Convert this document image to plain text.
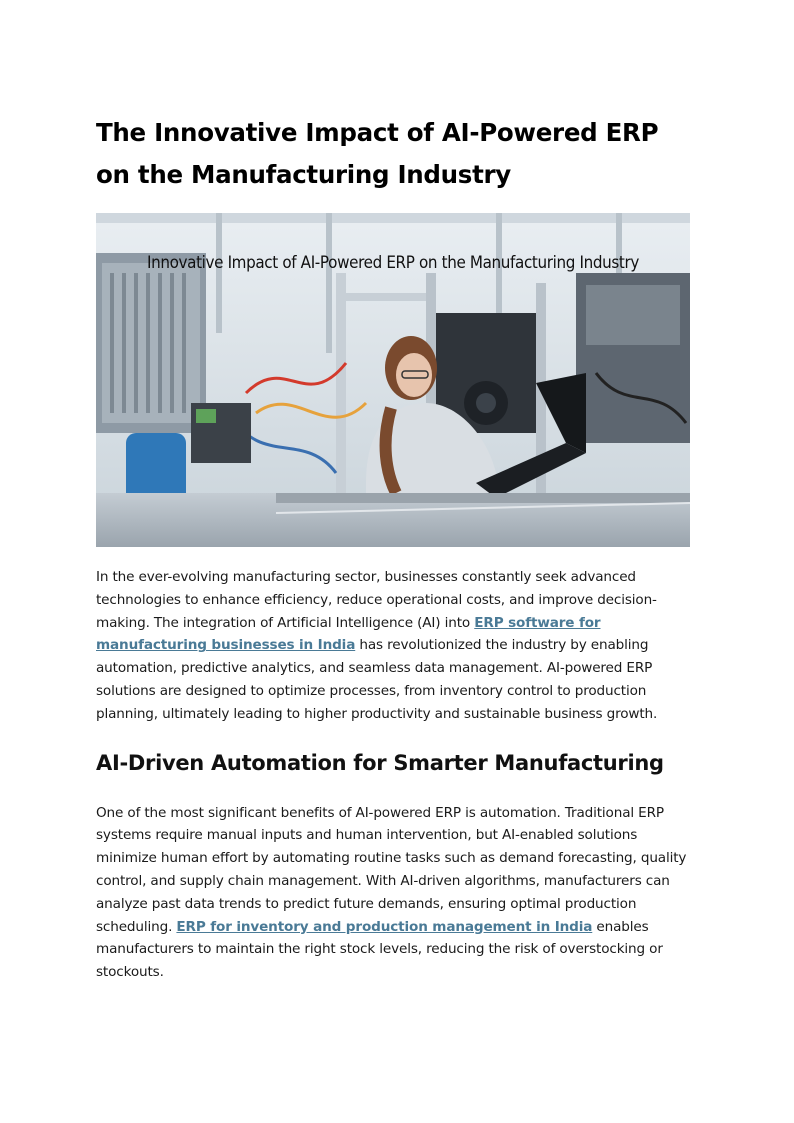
The Innovative Impact of AI-Powered ERP on the Manufacturing Industry
Innovative Impact of AI-Powered ERP on the Manufacturing Industry

In the ever-evolving manufacturing sector, businesses constantly seek advanced technologies to enhance efficiency, reduce operational costs, and improve decision-making. The integration of Artificial Intelligence (AI) into ERP software for manufacturing businesses in India has revolutionized the industry by enabling automation, predictive analytics, and seamless data management. AI-powered ERP solutions are designed to optimize processes, from inventory control to production planning, ultimately leading to higher productivity and sustainable business growth.

AI-Driven Automation for Smarter Manufacturing

One of the most significant benefits of AI-powered ERP is automation. Traditional ERP systems require manual inputs and human intervention, but AI-enabled solutions minimize human effort by automating routine tasks such as demand forecasting, quality control, and supply chain management. With AI-driven algorithms, manufacturers can analyze past data trends to predict future demands, ensuring optimal production scheduling. ERP for inventory and production management in India enables manufacturers to maintain the right stock levels, reducing the risk of overstocking or stockouts.
